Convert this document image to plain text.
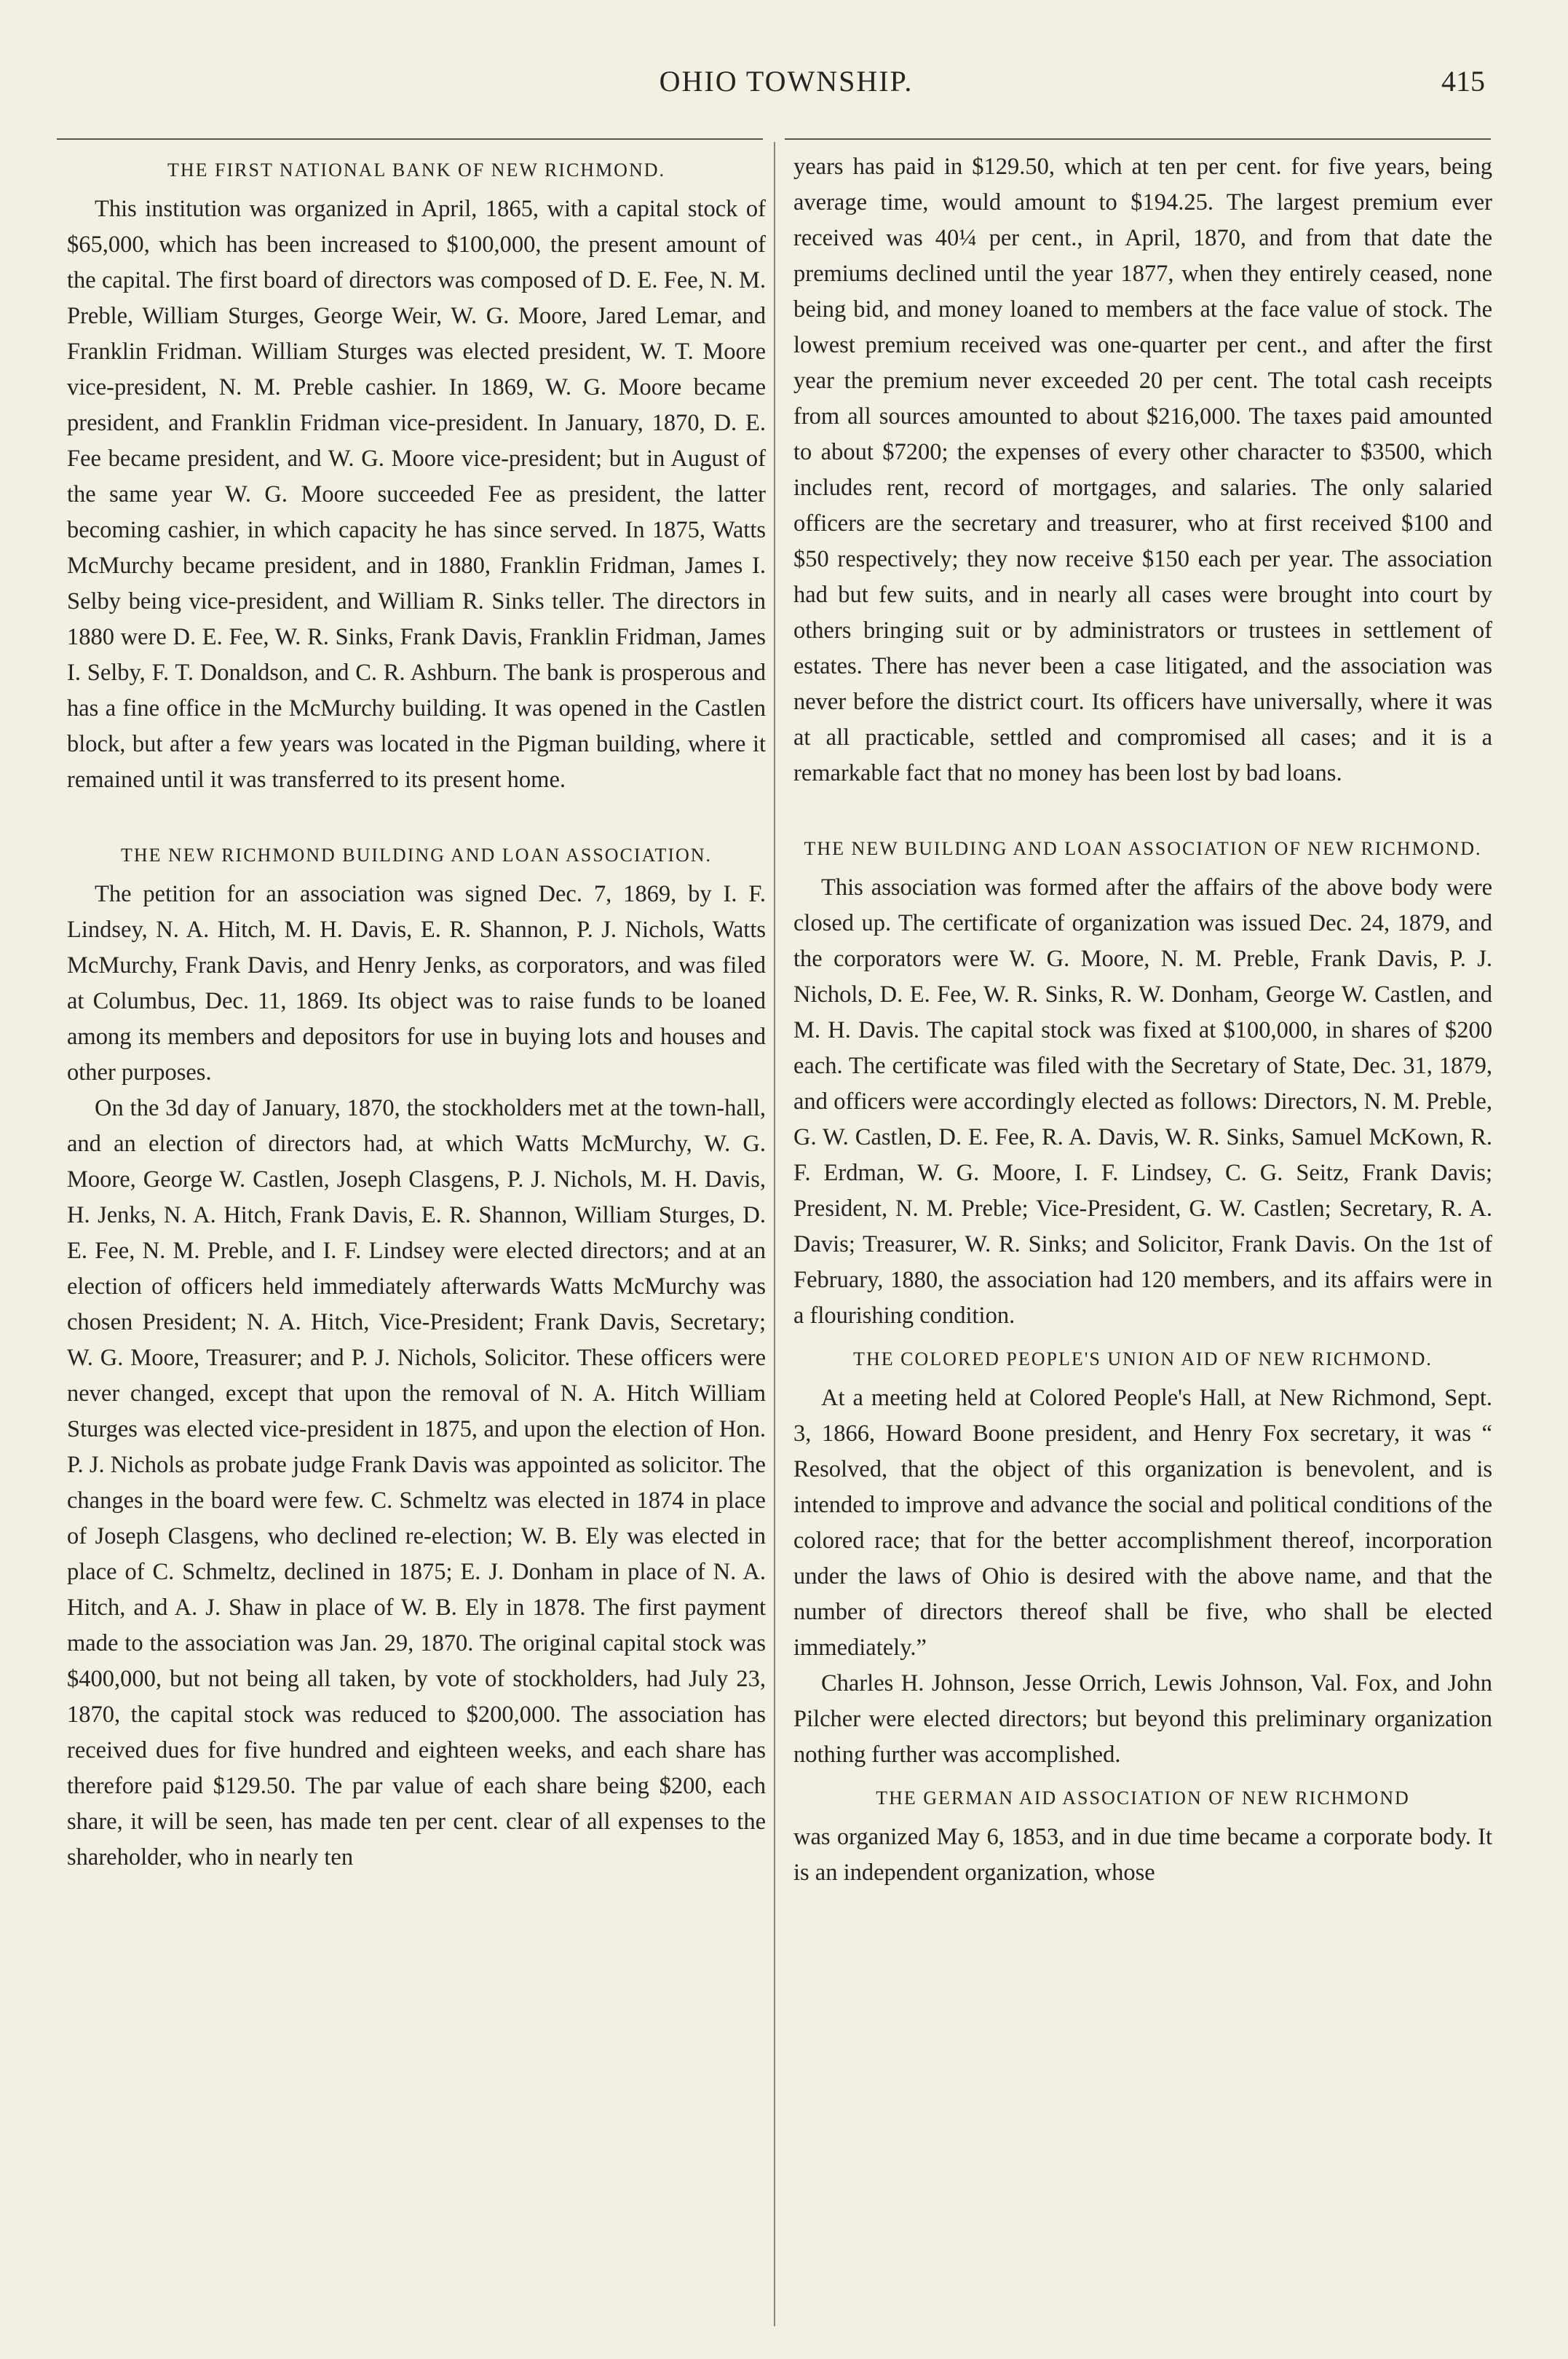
OHIO TOWNSHIP.	415
THE FIRST NATIONAL BANK OF NEW RICHMOND.

This institution was organized in April, 1865, with a capital stock of $65,000, which has been increased to $100,000, the present amount of the capital. The first board of directors was composed of D. E. Fee, N. M. Preble, William Sturges, George Weir, W. G. Moore, Jared Lemar, and Franklin Fridman. William Sturges was elected president, W. T. Moore vice-president, N. M. Preble cashier. In 1869, W. G. Moore became president, and Franklin Fridman vice-president. In January, 1870, D. E. Fee became president, and W. G. Moore vice-president; but in August of the same year W. G. Moore succeeded Fee as president, the latter becoming cashier, in which capacity he has since served. In 1875, Watts McMurchy became president, and in 1880, Franklin Fridman, James I. Selby being vice-president, and William R. Sinks teller. The directors in 1880 were D. E. Fee, W. R. Sinks, Frank Davis, Franklin Fridman, James I. Selby, F. T. Donaldson, and C. R. Ashburn. The bank is prosperous and has a fine office in the McMurchy building. It was opened in the Castlen block, but after a few years was located in the Pigman building, where it remained until it was transferred to its present home.

THE NEW RICHMOND BUILDING AND LOAN ASSOCIATION.

The petition for an association was signed Dec. 7, 1869, by I. F. Lindsey, N. A. Hitch, M. H. Davis, E. R. Shannon, P. J. Nichols, Watts McMurchy, Frank Davis, and Henry Jenks, as corporators, and was filed at Columbus, Dec. 11, 1869. Its object was to raise funds to be loaned among its members and depositors for use in buying lots and houses and other purposes.

On the 3d day of January, 1870, the stockholders met at the town-hall, and an election of directors had, at which Watts McMurchy, W. G. Moore, George W. Castlen, Joseph Clasgens, P. J. Nichols, M. H. Davis, H. Jenks, N. A. Hitch, Frank Davis, E. R. Shannon, William Sturges, D. E. Fee, N. M. Preble, and I. F. Lindsey were elected directors; and at an election of officers held immediately afterwards Watts McMurchy was chosen President; N. A. Hitch, Vice-President; Frank Davis, Secretary; W. G. Moore, Treasurer; and P. J. Nichols, Solicitor. These officers were never changed, except that upon the removal of N. A. Hitch William Sturges was elected vice-president in 1875, and upon the election of Hon. P. J. Nichols as probate judge Frank Davis was appointed as solicitor. The changes in the board were few. C. Schmeltz was elected in 1874 in place of Joseph Clasgens, who declined re-election; W. B. Ely was elected in place of C. Schmeltz, declined in 1875; E. J. Donham in place of N. A. Hitch, and A. J. Shaw in place of W. B. Ely in 1878. The first payment made to the association was Jan. 29, 1870. The original capital stock was $400,000, but not being all taken, by vote of stockholders, had July 23, 1870, the capital stock was reduced to $200,000. The association has received dues for five hundred and eighteen weeks, and each share has therefore paid $129.50. The par value of each share being $200, each share, it will be seen, has made ten per cent. clear of all expenses to the shareholder, who in nearly ten

years has paid in $129.50, which at ten per cent. for five years, being average time, would amount to $194.25. The largest premium ever received was 40¼ per cent., in April, 1870, and from that date the premiums declined until the year 1877, when they entirely ceased, none being bid, and money loaned to members at the face value of stock. The lowest premium received was one-quarter per cent., and after the first year the premium never exceeded 20 per cent. The total cash receipts from all sources amounted to about $216,000. The taxes paid amounted to about $7200; the expenses of every other character to $3500, which includes rent, record of mortgages, and salaries. The only salaried officers are the secretary and treasurer, who at first received $100 and $50 respectively; they now receive $150 each per year. The association had but few suits, and in nearly all cases were brought into court by others bringing suit or by administrators or trustees in settlement of estates. There has never been a case litigated, and the association was never before the district court. Its officers have universally, where it was at all practicable, settled and compromised all cases; and it is a remarkable fact that no money has been lost by bad loans.

THE NEW BUILDING AND LOAN ASSOCIATION OF NEW RICHMOND.

This association was formed after the affairs of the above body were closed up. The certificate of organization was issued Dec. 24, 1879, and the corporators were W. G. Moore, N. M. Preble, Frank Davis, P. J. Nichols, D. E. Fee, W. R. Sinks, R. W. Donham, George W. Castlen, and M. H. Davis. The capital stock was fixed at $100,000, in shares of $200 each. The certificate was filed with the Secretary of State, Dec. 31, 1879, and officers were accordingly elected as follows: Directors, N. M. Preble, G. W. Castlen, D. E. Fee, R. A. Davis, W. R. Sinks, Samuel McKown, R. F. Erdman, W. G. Moore, I. F. Lindsey, C. G. Seitz, Frank Davis; President, N. M. Preble; Vice-President, G. W. Castlen; Secretary, R. A. Davis; Treasurer, W. R. Sinks; and Solicitor, Frank Davis. On the 1st of February, 1880, the association had 120 members, and its affairs were in a flourishing condition.

THE COLORED PEOPLE'S UNION AID OF NEW RICHMOND.

At a meeting held at Colored People's Hall, at New Richmond, Sept. 3, 1866, Howard Boone president, and Henry Fox secretary, it was “ Resolved, that the object of this organization is benevolent, and is intended to improve and advance the social and political conditions of the colored race; that for the better accomplishment thereof, incorporation under the laws of Ohio is desired with the above name, and that the number of directors thereof shall be five, who shall be elected immediately.”

Charles H. Johnson, Jesse Orrich, Lewis Johnson, Val. Fox, and John Pilcher were elected directors; but beyond this preliminary organization nothing further was accomplished.

THE GERMAN AID ASSOCIATION OF NEW RICHMOND

was organized May 6, 1853, and in due time became a corporate body. It is an independent organization, whose
